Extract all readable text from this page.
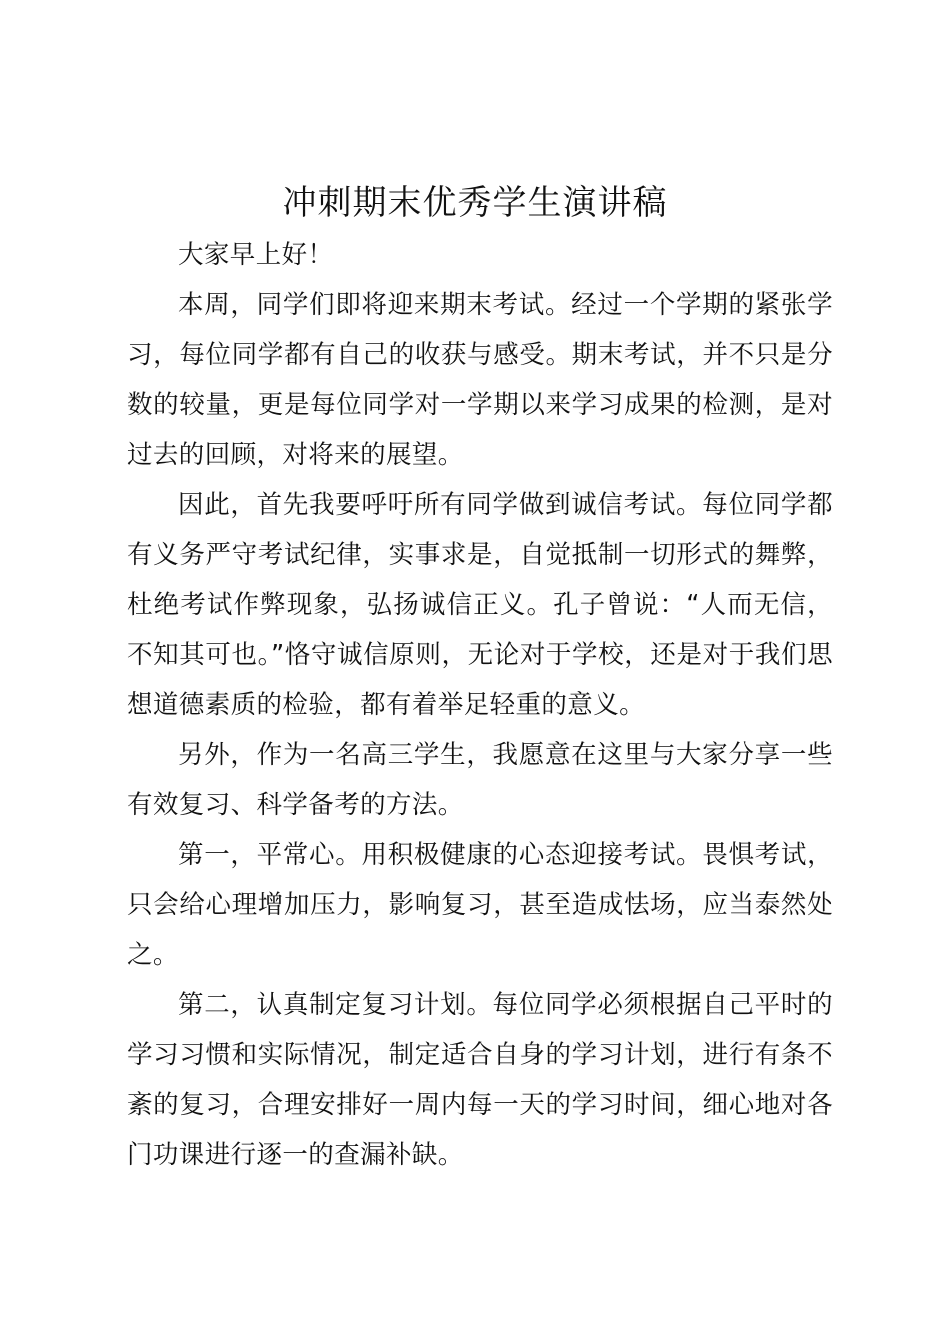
冲刺期末优秀学生演讲稿

大家早上好！

本周，同学们即将迎来期末考试。经过一个学期的紧张学习，每位同学都有自己的收获与感受。期末考试，并不只是分数的较量，更是每位同学对一学期以来学习成果的检测，是对过去的回顾，对将来的展望。

因此，首先我要呼吁所有同学做到诚信考试。每位同学都有义务严守考试纪律，实事求是，自觉抵制一切形式的舞弊，杜绝考试作弊现象，弘扬诚信正义。孔子曾说：“人而无信，不知其可也。”恪守诚信原则，无论对于学校，还是对于我们思想道德素质的检验，都有着举足轻重的意义。

另外，作为一名高三学生，我愿意在这里与大家分享一些有效复习、科学备考的方法。

第一，平常心。用积极健康的心态迎接考试。畏惧考试，只会给心理增加压力，影响复习，甚至造成怯场，应当泰然处之。

第二，认真制定复习计划。每位同学必须根据自己平时的学习习惯和实际情况，制定适合自身的学习计划，进行有条不紊的复习，合理安排好一周内每一天的学习时间，细心地对各门功课进行逐一的查漏补缺。
